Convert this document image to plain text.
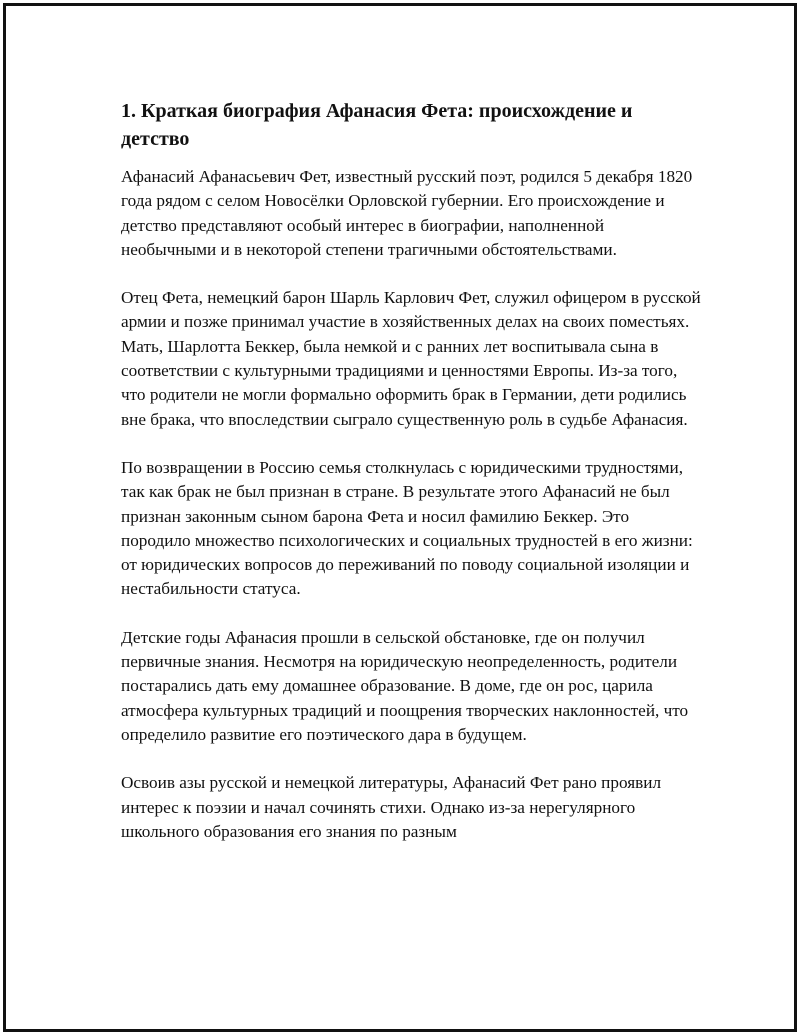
1. Краткая биография Афанасия Фета: происхождение и детство

Афанасий Афанасьевич Фет, известный русский поэт, родился 5 декабря 1820 года рядом с селом Новосёлки Орловской губернии. Его происхождение и детство представляют особый интерес в биографии, наполненной необычными и в некоторой степени трагичными обстоятельствами.

Отец Фета, немецкий барон Шарль Карлович Фет, служил офицером в русской армии и позже принимал участие в хозяйственных делах на своих поместьях. Мать, Шарлотта Беккер, была немкой и с ранних лет воспитывала сына в соответствии с культурными традициями и ценностями Европы. Из-за того, что родители не могли формально оформить брак в Германии, дети родились вне брака, что впоследствии сыграло существенную роль в судьбе Афанасия.

По возвращении в Россию семья столкнулась с юридическими трудностями, так как брак не был признан в стране. В результате этого Афанасий не был признан законным сыном барона Фета и носил фамилию Беккер. Это породило множество психологических и социальных трудностей в его жизни: от юридических вопросов до переживаний по поводу социальной изоляции и нестабильности статуса.

Детские годы Афанасия прошли в сельской обстановке, где он получил первичные знания. Несмотря на юридическую неопределенность, родители постарались дать ему домашнее образование. В доме, где он рос, царила атмосфера культурных традиций и поощрения творческих наклонностей, что определило развитие его поэтического дара в будущем.

Освоив азы русской и немецкой литературы, Афанасий Фет рано проявил интерес к поэзии и начал сочинять стихи. Однако из-за нерегулярного школьного образования его знания по разным
